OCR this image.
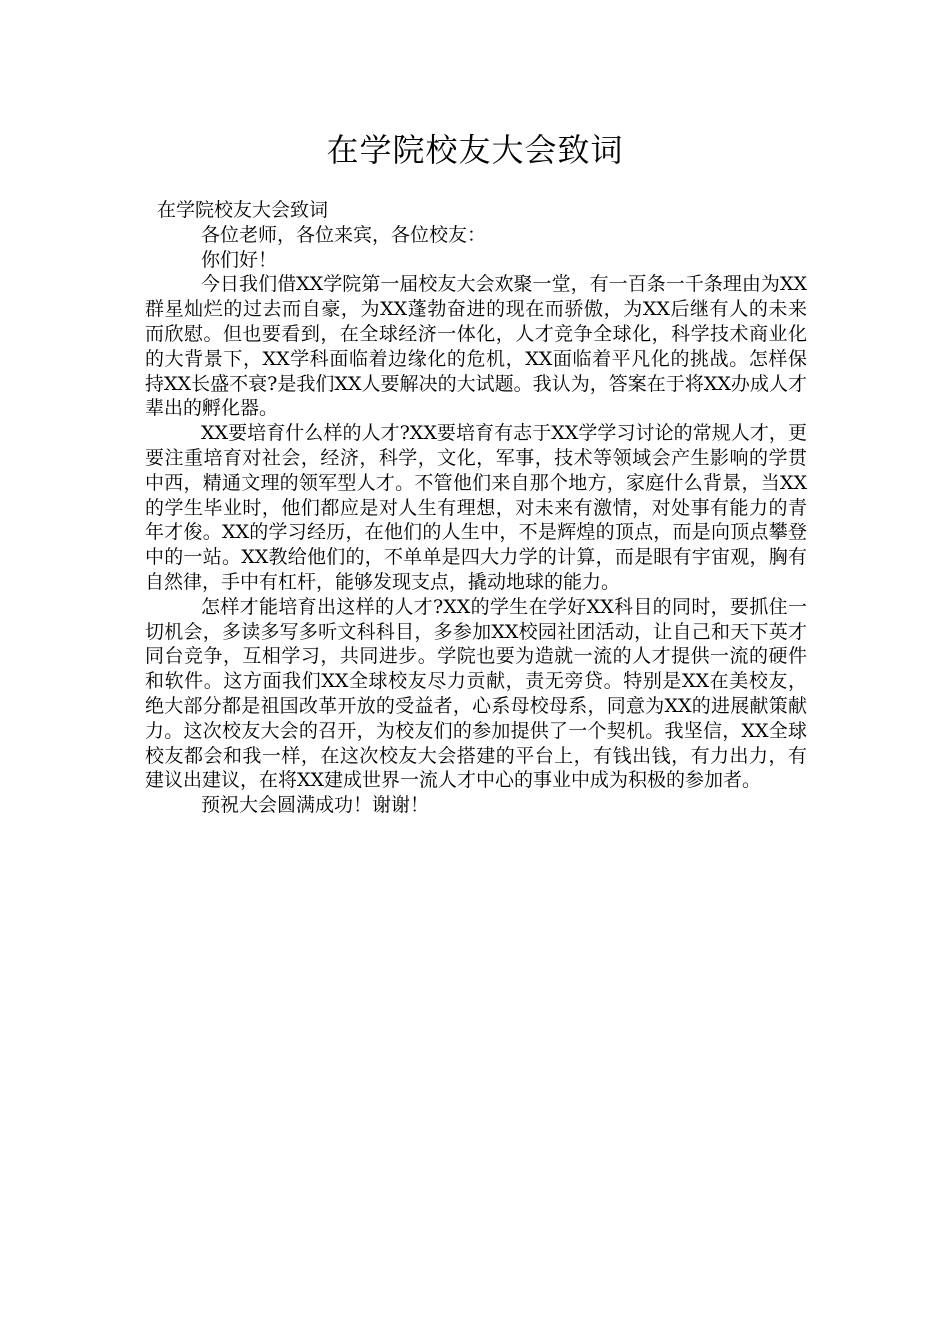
在学院校友大会致词

在学院校友大会致词

各位老师，各位来宾，各位校友：

你们好！

今日我们借XX学院第一届校友大会欢聚一堂，有一百条一千条理由为XX群星灿烂的过去而自豪，为XX蓬勃奋进的现在而骄傲，为XX后继有人的未来而欣慰。但也要看到，在全球经济一体化，人才竞争全球化，科学技术商业化的大背景下，XX学科面临着边缘化的危机，XX面临着平凡化的挑战。怎样保持XX长盛不衰?是我们XX人要解决的大试题。我认为，答案在于将XX办成人才辈出的孵化器。

XX要培育什么样的人才?XX要培育有志于XX学学习讨论的常规人才，更要注重培育对社会，经济，科学，文化，军事，技术等领域会产生影响的学贯中西，精通文理的领军型人才。不管他们来自那个地方，家庭什么背景，当XX的学生毕业时，他们都应是对人生有理想，对未来有激情，对处事有能力的青年才俊。XX的学习经历，在他们的人生中，不是辉煌的顶点，而是向顶点攀登中的一站。XX教给他们的，不单单是四大力学的计算，而是眼有宇宙观，胸有自然律，手中有杠杆，能够发现支点，撬动地球的能力。

怎样才能培育出这样的人才?XX的学生在学好XX科目的同时，要抓住一切机会，多读多写多听文科科目，多参加XX校园社团活动，让自己和天下英才同台竞争，互相学习，共同进步。学院也要为造就一流的人才提供一流的硬件和软件。这方面我们XX全球校友尽力贡献，责无旁贷。特别是XX在美校友，绝大部分都是祖国改革开放的受益者，心系母校母系，同意为XX的进展献策献力。这次校友大会的召开，为校友们的参加提供了一个契机。我坚信，XX全球校友都会和我一样，在这次校友大会搭建的平台上，有钱出钱，有力出力，有建议出建议，在将XX建成世界一流人才中心的事业中成为积极的参加者。

预祝大会圆满成功！谢谢！
